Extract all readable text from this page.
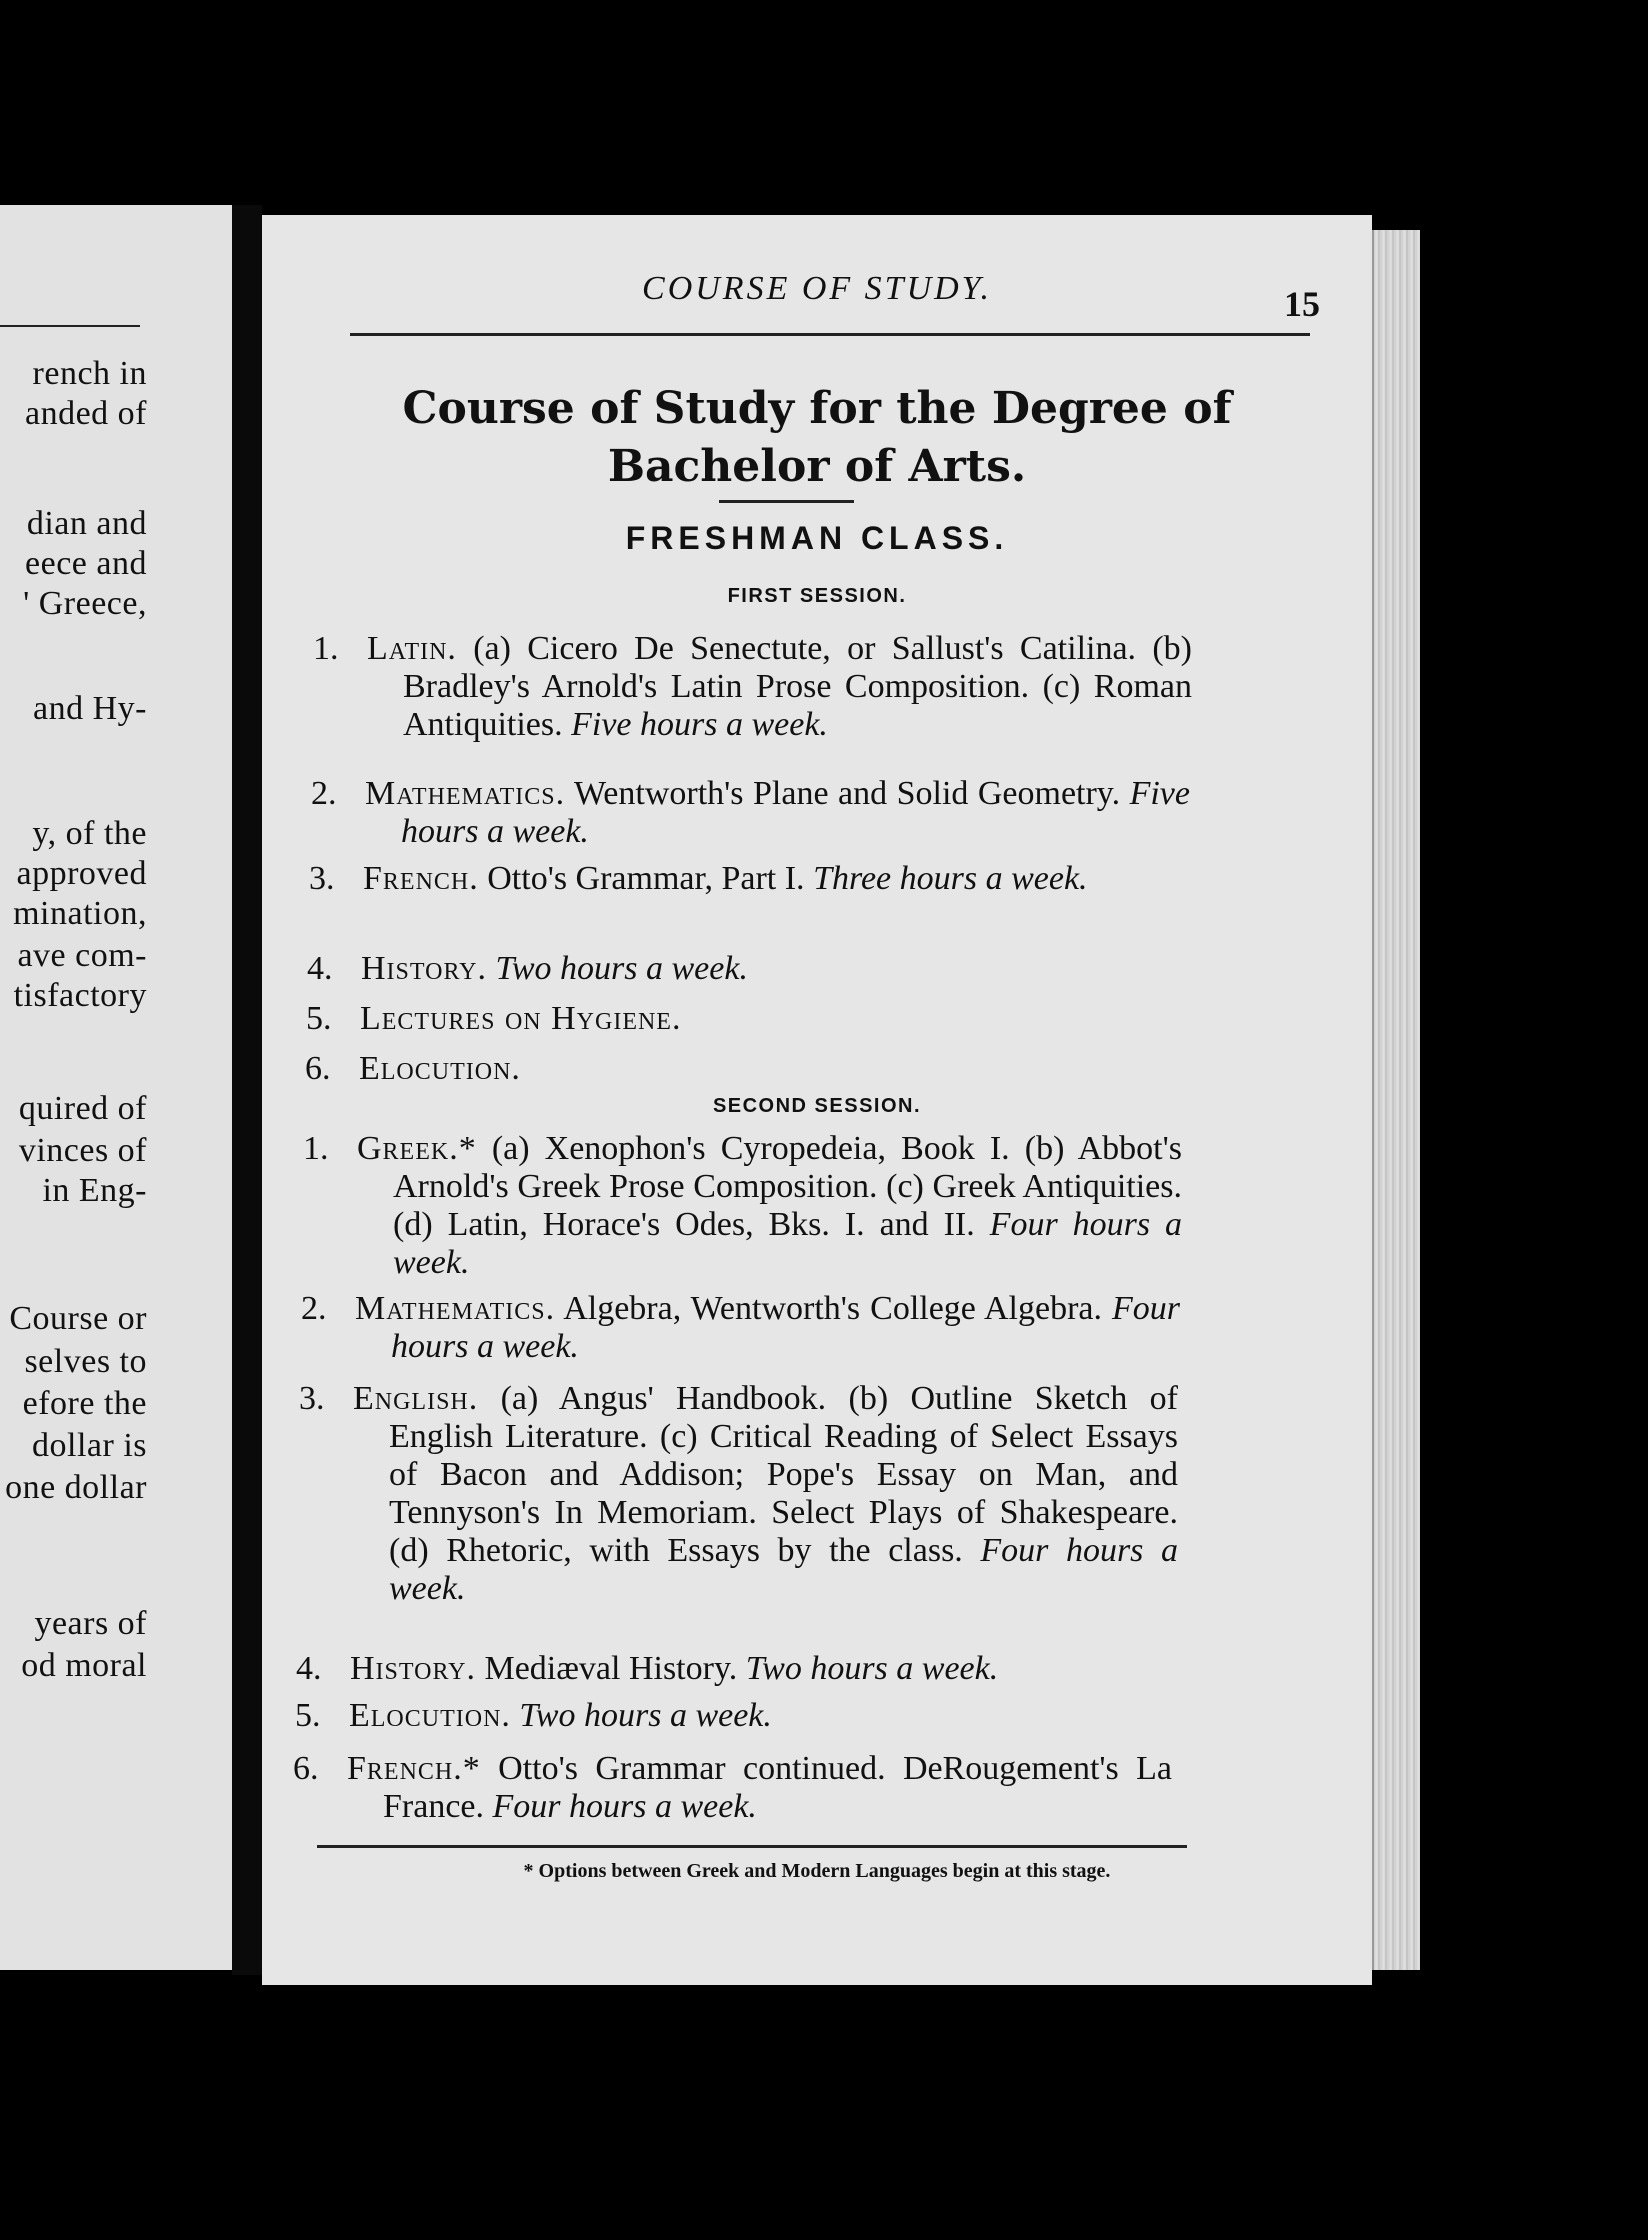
rench in
anded of
dian and
eece and
' Greece,
and Hy-
y, of the
approved
mination,
ave com-
tisfactory
quired of
vinces of
in Eng-
Course or
selves to
efore the
dollar is
one dollar
years of
od moral
COURSE OF STUDY.	15
Course of Study for the Degree of
Bachelor of Arts.
FRESHMAN CLASS.
FIRST SESSION.
1. Latin. (a) Cicero De Senectute, or Sallust's Catilina. (b) Bradley's Arnold's Latin Prose Composition. (c) Roman Antiquities. Five hours a week.
2. Mathematics. Wentworth's Plane and Solid Geometry. Five hours a week.
3. French. Otto's Grammar, Part I. Three hours a week.
4. History. Two hours a week.
5. Lectures on Hygiene.
6. Elocution.
SECOND SESSION.
1. Greek.* (a) Xenophon's Cyropedeia, Book I. (b) Abbot's Arnold's Greek Prose Composition. (c) Greek Antiquities. (d) Latin, Horace's Odes, Bks. I. and II. Four hours a week.
2. Mathematics. Algebra, Wentworth's College Algebra. Four hours a week.
3. English. (a) Angus' Handbook. (b) Outline Sketch of English Literature. (c) Critical Reading of Select Essays of Bacon and Addison; Pope's Essay on Man, and Tennyson's In Memoriam. Select Plays of Shakespeare. (d) Rhetoric, with Essays by the class. Four hours a week.
4. History. Mediæval History. Two hours a week.
5. Elocution. Two hours a week.
6. French.* Otto's Grammar continued. DeRougement's La France. Four hours a week.
* Options between Greek and Modern Languages begin at this stage.
